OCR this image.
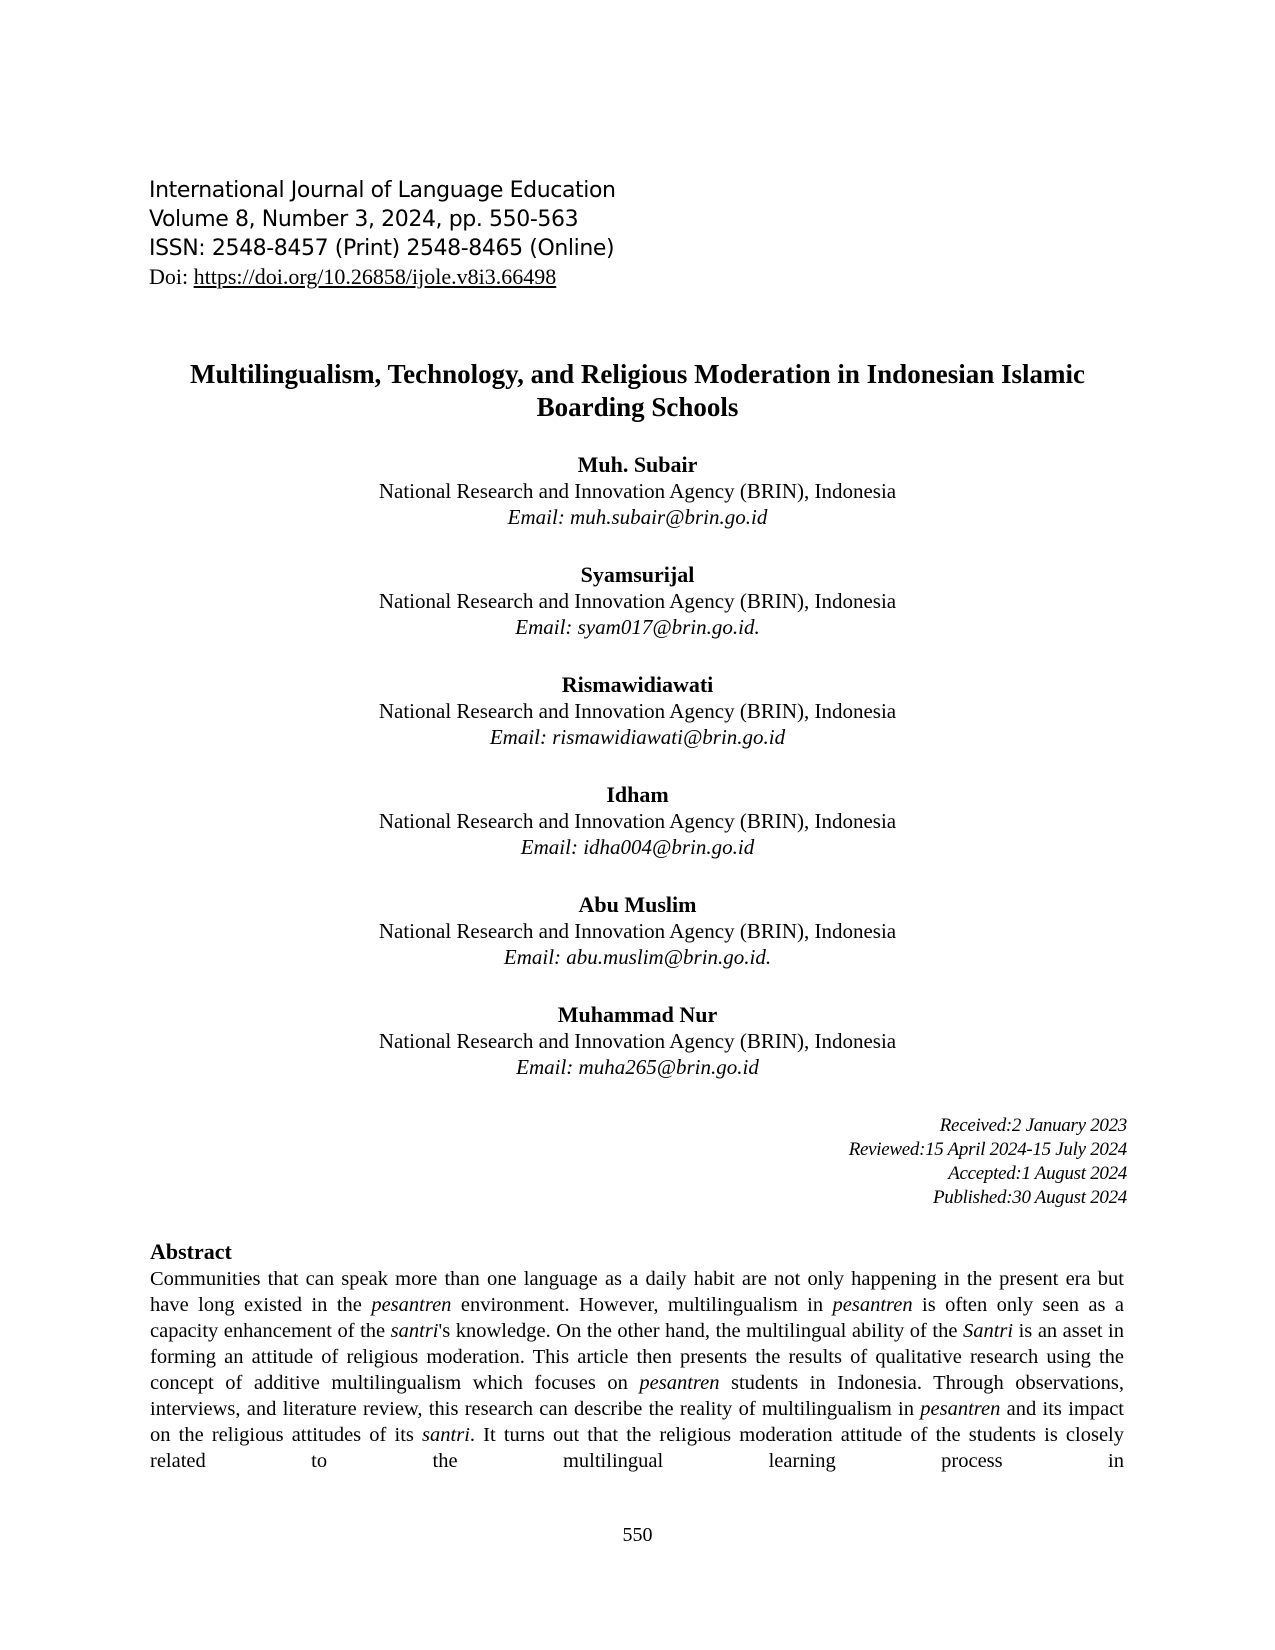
International Journal of Language Education
Volume 8, Number 3, 2024, pp. 550-563
ISSN: 2548-8457 (Print) 2548-8465 (Online)
Doi: https://doi.org/10.26858/ijole.v8i3.66498
Multilingualism, Technology, and Religious Moderation in Indonesian Islamic
Boarding Schools
Muh. Subair
National Research and Innovation Agency (BRIN), Indonesia
Email: muh.subair@brin.go.id
Syamsurijal
National Research and Innovation Agency (BRIN), Indonesia
Email: syam017@brin.go.id.
Rismawidiawati
National Research and Innovation Agency (BRIN), Indonesia
Email: rismawidiawati@brin.go.id
Idham
National Research and Innovation Agency (BRIN), Indonesia
Email: idha004@brin.go.id
Abu Muslim
National Research and Innovation Agency (BRIN), Indonesia
Email: abu.muslim@brin.go.id.
Muhammad Nur
National Research and Innovation Agency (BRIN), Indonesia
Email: muha265@brin.go.id
Received:2 January 2023
Reviewed:15 April 2024-15 July 2024
Accepted:1 August 2024
Published:30 August 2024
Abstract
Communities that can speak more than one language as a daily habit are not only happening in the present era but have long existed in the pesantren environment. However, multilingualism in pesantren is often only seen as a capacity enhancement of the santri's knowledge. On the other hand, the multilingual ability of the Santri is an asset in forming an attitude of religious moderation. This article then presents the results of qualitative research using the concept of additive multilingualism which focuses on pesantren students in Indonesia. Through observations, interviews, and literature review, this research can describe the reality of multilingualism in pesantren and its impact on the religious attitudes of its santri. It turns out that the religious moderation attitude of the students is closely related to the multilingual learning process in
550
